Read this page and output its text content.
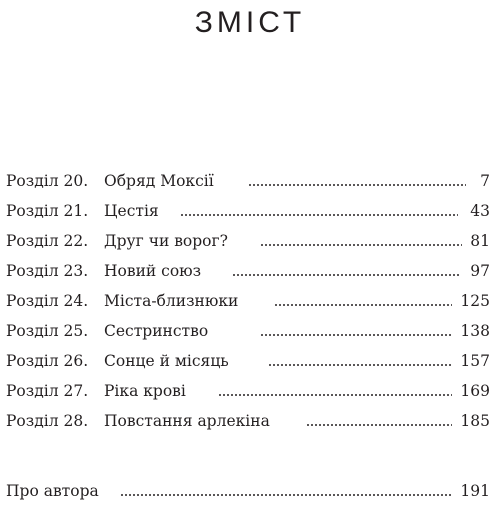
ЗМІСТ
Розділ 20. Обряд Моксії	7
Розділ 21. Цестія	43
Розділ 22. Друг чи ворог?	81
Розділ 23. Новий союз	97
Розділ 24. Міста-близнюки	125
Розділ 25. Сестринство	138
Розділ 26. Сонце й місяць	157
Розділ 27. Ріка крові	169
Розділ 28. Повстання арлекіна	185
Про автора	191
